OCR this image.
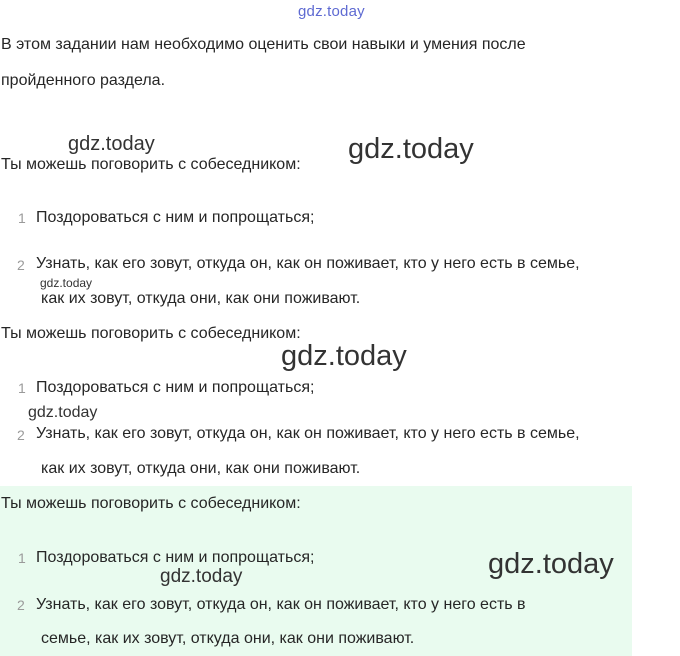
gdz.today
В этом задании нам необходимо оценить свои навыки и умения после
пройденного раздела.
gdz.today
Ты можешь поговорить с собеседником: gdz.today
1 Поздороваться с ним и попрощаться;
2 Узнать, как его зовут, откуда он, как он поживает, кто у него есть в семье,
gdz.today
как их зовут, откуда они, как они поживают.
Ты можешь поговорить с собеседником:
gdz.today
1 Поздороваться с ним и попрощаться;
gdz.today
2 Узнать, как его зовут, откуда он, как он поживает, кто у него есть в семье,
как их зовут, откуда они, как они поживают.
Ты можешь поговорить с собеседником:
1 Поздороваться с ним и попрощаться;	gdz.today
gdz.today
2 Узнать, как его зовут, откуда он, как он поживает, кто у него есть в
семье, как их зовут, откуда они, как они поживают.
